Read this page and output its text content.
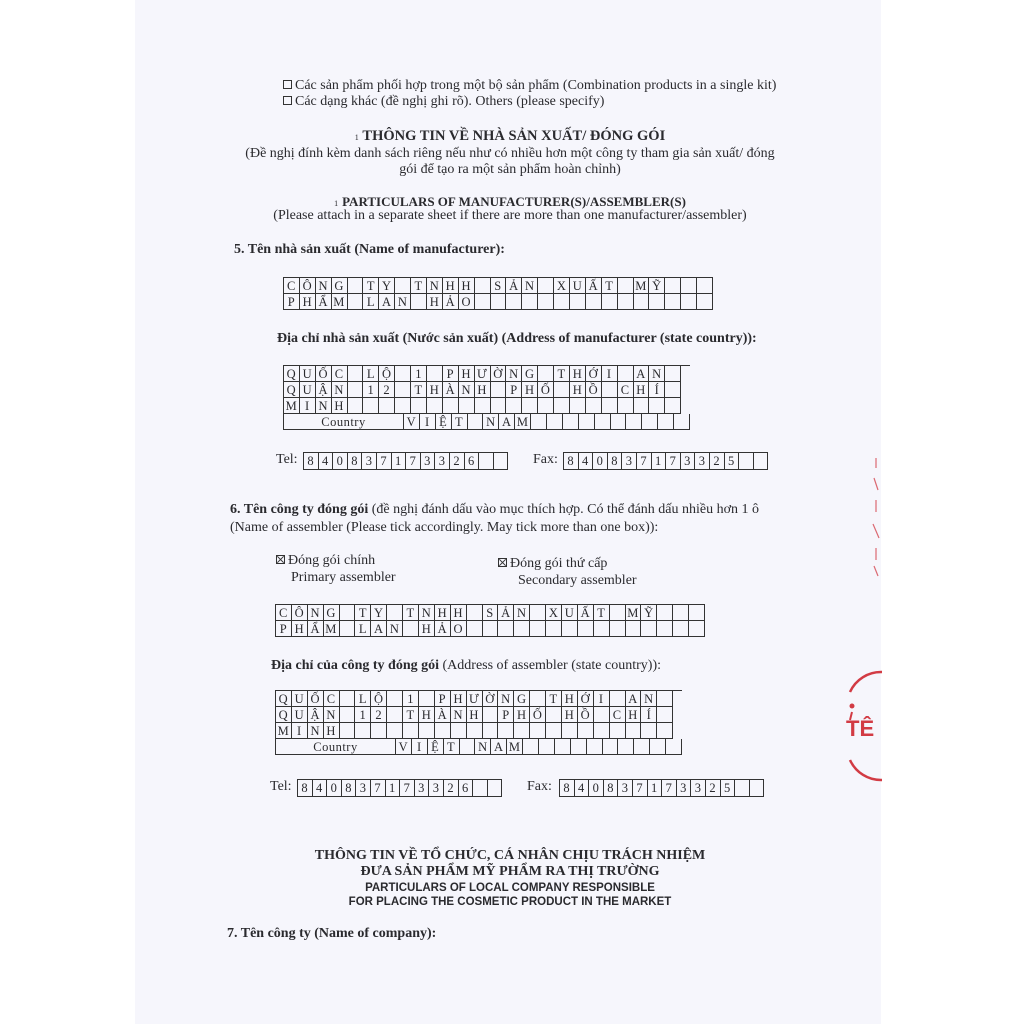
Các sản phẩm phối hợp trong một bộ sản phẩm (Combination products in a single kit)
Các dạng khác (đề nghị ghi rõ). Others (please specify)
1 THÔNG TIN VỀ NHÀ SẢN XUẤT/ ĐÓNG GÓI
(Đề nghị đính kèm danh sách riêng nếu như có nhiều hơn một công ty tham gia sản xuất/ đóng
gói để tạo ra một sản phẩm hoàn chỉnh)
1 PARTICULARS OF MANUFACTURER(S)/ASSEMBLER(S)
(Please attach in a separate sheet if there are more than one manufacturer/assembler)
5. Tên nhà sản xuất (Name of manufacturer):
C Ô N G T Y T N H H S Ả N X U Ấ T	M Ỹ
P H Ẩ M L A N H Ả O
Địa chỉ nhà sản xuất (Nước sản xuất) (Address of manufacturer (state country)):
Q U Ố C	L Ộ	1	P H Ư Ờ N G T H Ớ I	A N
Q U Ậ N	1 2	T H À N H P H Ố H Ồ C H Í
M I N H
Country	V I Ệ T	N A M
Tel: 8 4 0 8 3 7 1 7 3 3 2 6	Fax: 8 4 0 8 3 7 1 7 3 3 2 5
6. Tên công ty đóng gói (đề nghị đánh dấu vào mục thích hợp. Có thể đánh dấu nhiều hơn 1 ô
(Name of assembler (Please tick accordingly. May tick more than one box)):
Đóng gói chính
Primary assembler
Đóng gói thứ cấp
Secondary assembler
C Ô N G T Y T N H H S Ả N X U Ấ T	M Ỹ
P H Ẩ M L A N H Ả O
Địa chỉ của công ty đóng gói (Address of assembler (state country)):
Q U Ố C	L Ộ	1	P H Ư Ờ N G T H Ớ I	A N
Q U Ậ N	1 2	T H À N H P H Ố H Ồ C H Í
M I N H
Country	V I Ệ T	N A M
Tel: 8 4 0 8 3 7 1 7 3 3 2 6	Fax: 8 4 0 8 3 7 1 7 3 3 2 5
THÔNG TIN VỀ TỔ CHỨC, CÁ NHÂN CHỊU TRÁCH NHIỆM
ĐƯA SẢN PHẨM MỸ PHẨM RA THỊ TRƯỜNG
PARTICULARS OF LOCAL COMPANY RESPONSIBLE
FOR PLACING THE COSMETIC PRODUCT IN THE MARKET
7. Tên công ty (Name of company):
TÊ
